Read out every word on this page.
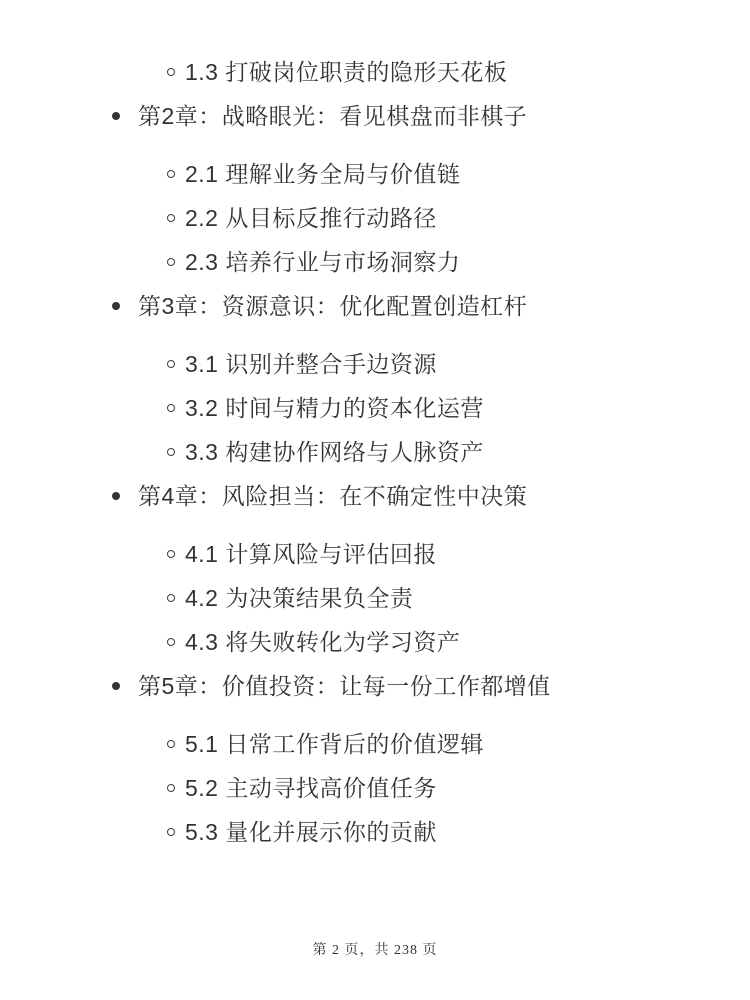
1.3 打破岗位职责的隐形天花板
第2章：战略眼光：看见棋盘而非棋子
2.1 理解业务全局与价值链
2.2 从目标反推行动路径
2.3 培养行业与市场洞察力
第3章：资源意识：优化配置创造杠杆
3.1 识别并整合手边资源
3.2 时间与精力的资本化运营
3.3 构建协作网络与人脉资产
第4章：风险担当：在不确定性中决策
4.1 计算风险与评估回报
4.2 为决策结果负全责
4.3 将失败转化为学习资产
第5章：价值投资：让每一份工作都增值
5.1 日常工作背后的价值逻辑
5.2 主动寻找高价值任务
5.3 量化并展示你的贡献
第 2 页，共 238 页
